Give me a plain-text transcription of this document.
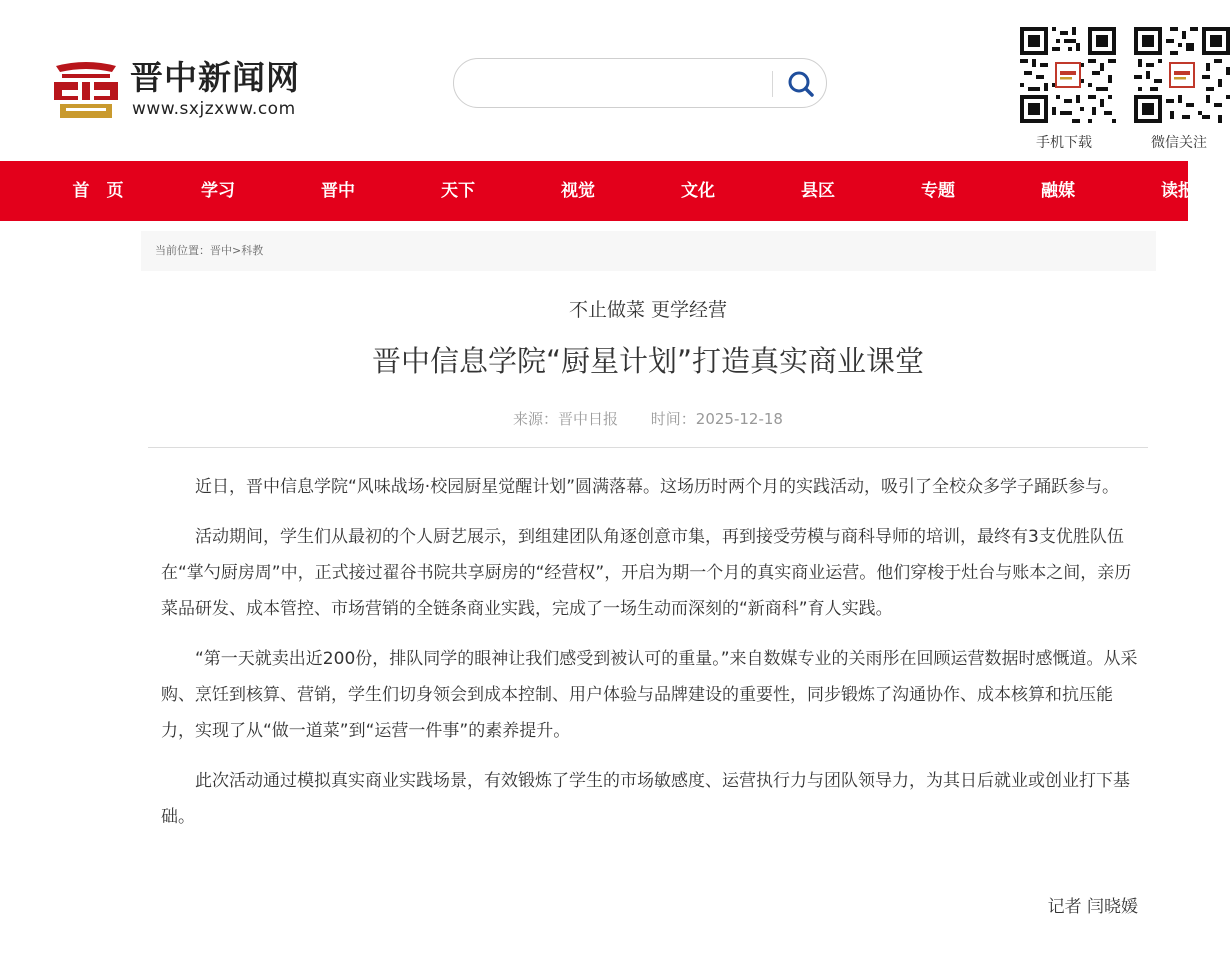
晋中新闻网
www.sxjzxww.com
手机下载	微信关注
首　页	学习	晋中	天下	视觉	文化	县区	专题	融媒	读报
当前位置：晋中>科教
不止做菜 更学经营
晋中信息学院“厨星计划”打造真实商业课堂
来源：晋中日报 时间：2025-12-18

近日，晋中信息学院“风味战场·校园厨星觉醒计划”圆满落幕。这场历时两个月的实践活动，吸引了全校众多学子踊跃参与。

活动期间，学生们从最初的个人厨艺展示，到组建团队角逐创意市集，再到接受劳模与商科导师的培训，最终有3支优胜队伍在“掌勺厨房周”中，正式接过翟谷书院共享厨房的“经营权”，开启为期一个月的真实商业运营。他们穿梭于灶台与账本之间，亲历菜品研发、成本管控、市场营销的全链条商业实践，完成了一场生动而深刻的“新商科”育人实践。

“第一天就卖出近200份，排队同学的眼神让我们感受到被认可的重量。”来自数媒专业的关雨彤在回顾运营数据时感慨道。从采购、烹饪到核算、营销，学生们切身领会到成本控制、用户体验与品牌建设的重要性，同步锻炼了沟通协作、成本核算和抗压能力，实现了从“做一道菜”到“运营一件事”的素养提升。

此次活动通过模拟真实商业实践场景，有效锻炼了学生的市场敏感度、运营执行力与团队领导力，为其日后就业或创业打下基础。

记者 闫晓媛
